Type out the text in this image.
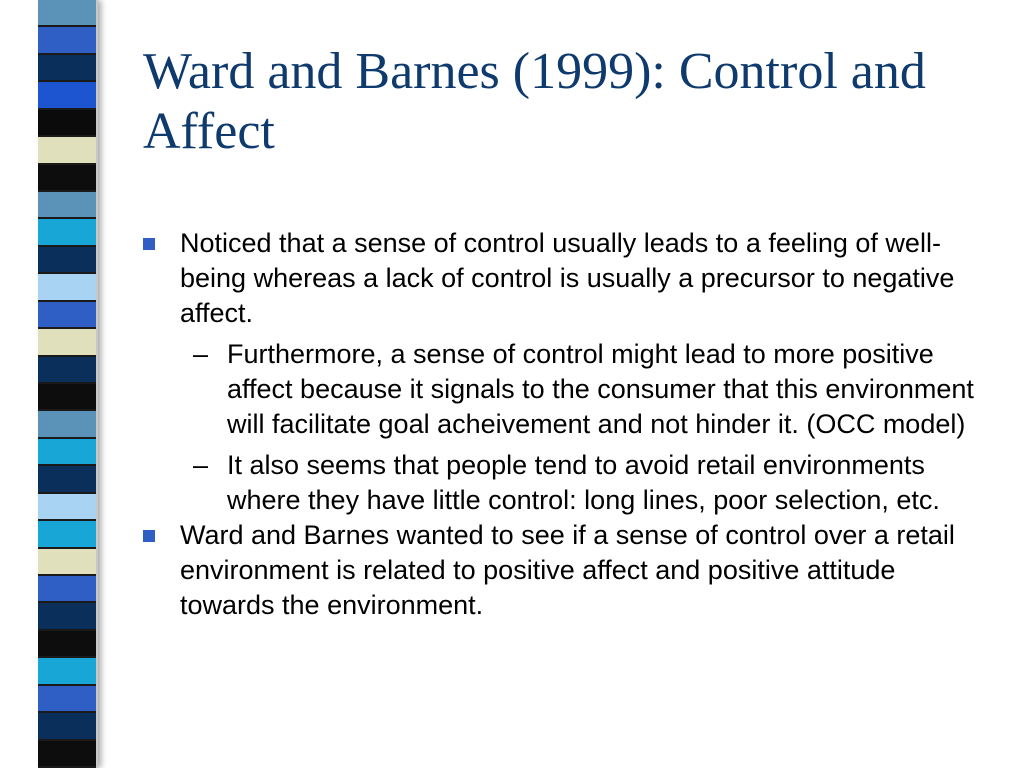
Ward and Barnes (1999): Control and Affect
Noticed that a sense of control usually leads to a feeling of well-being whereas a lack of control is usually a precursor to negative affect.
– Furthermore, a sense of control might lead to more positive affect because it signals to the consumer that this environment will facilitate goal acheivement and not hinder it. (OCC model)
– It also seems that people tend to avoid retail environments where they have little control: long lines, poor selection, etc.
Ward and Barnes wanted to see if a sense of control over a retail environment is related to positive affect and positive attitude towards the environment.
